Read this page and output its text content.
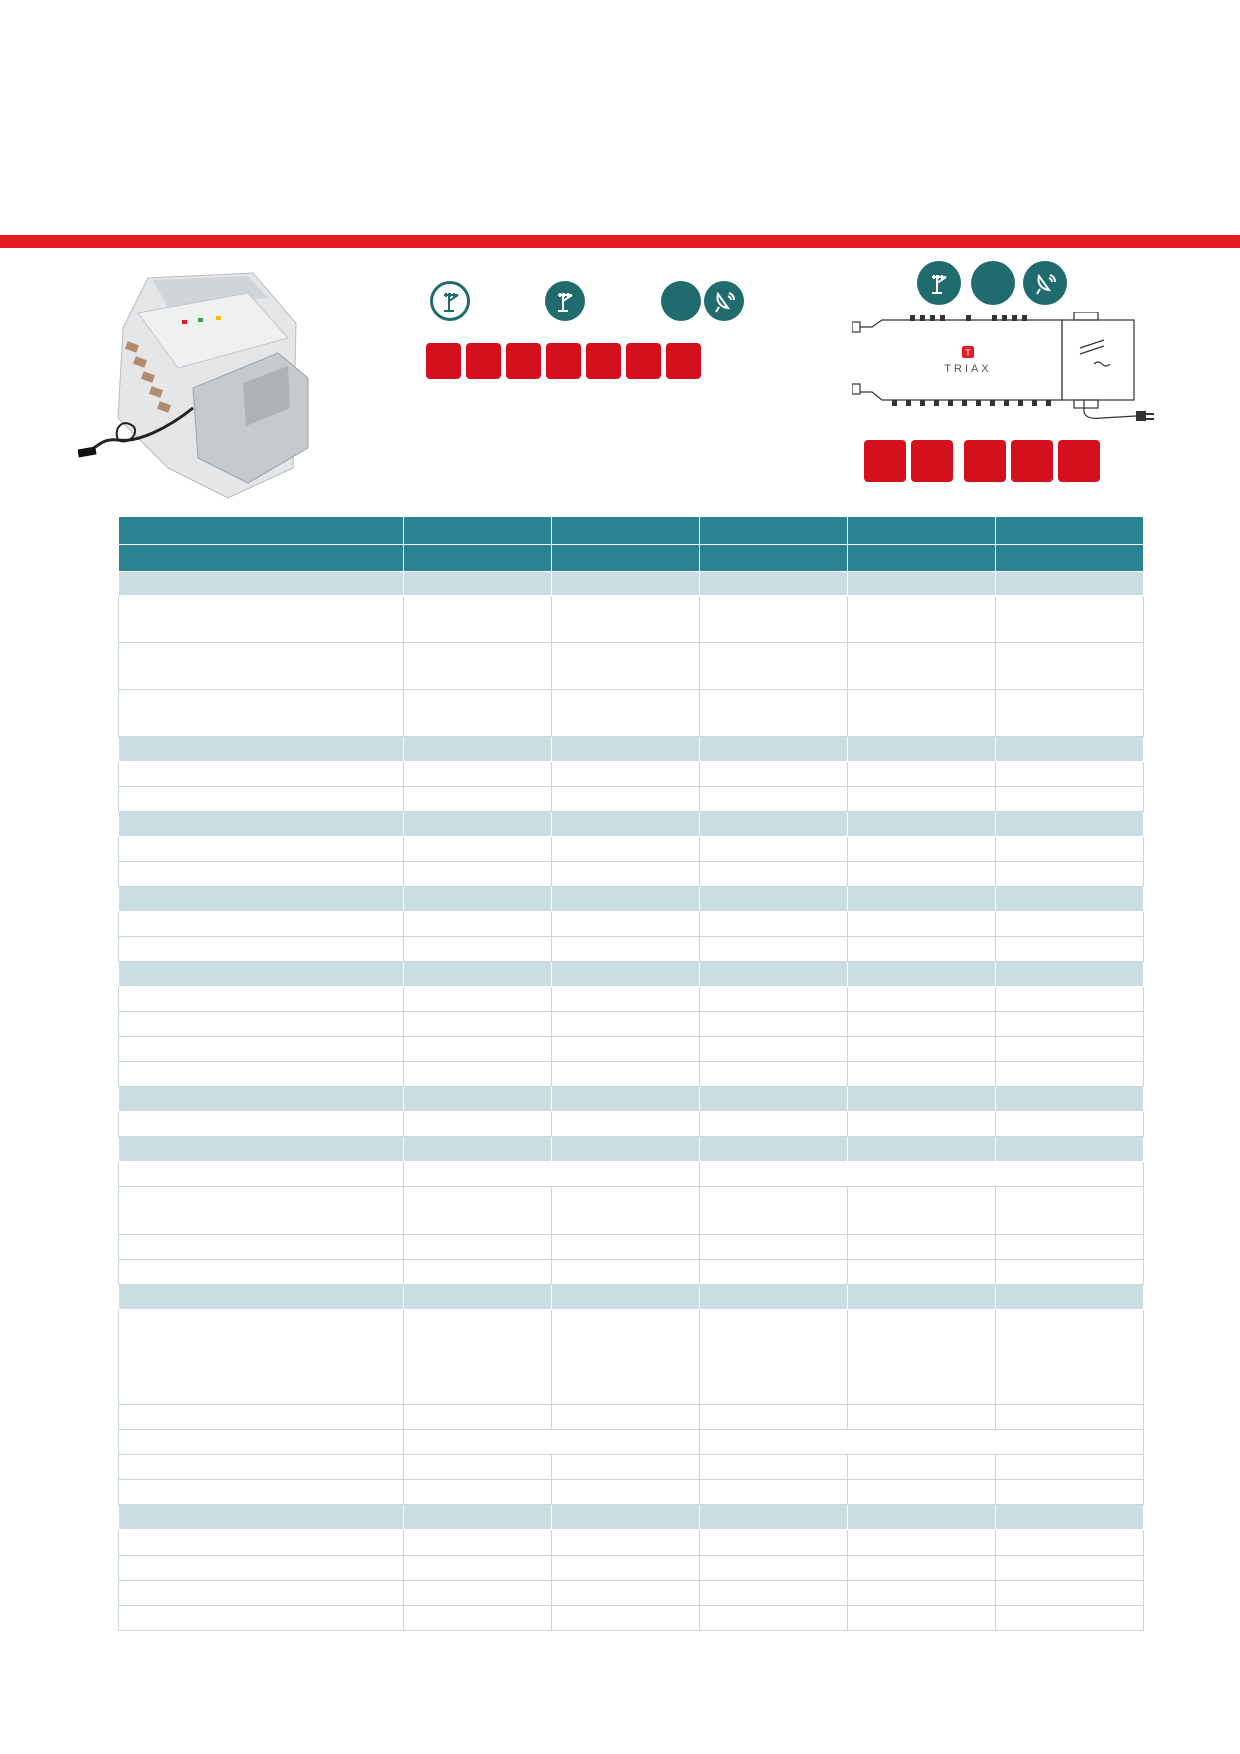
T
TRIAX
